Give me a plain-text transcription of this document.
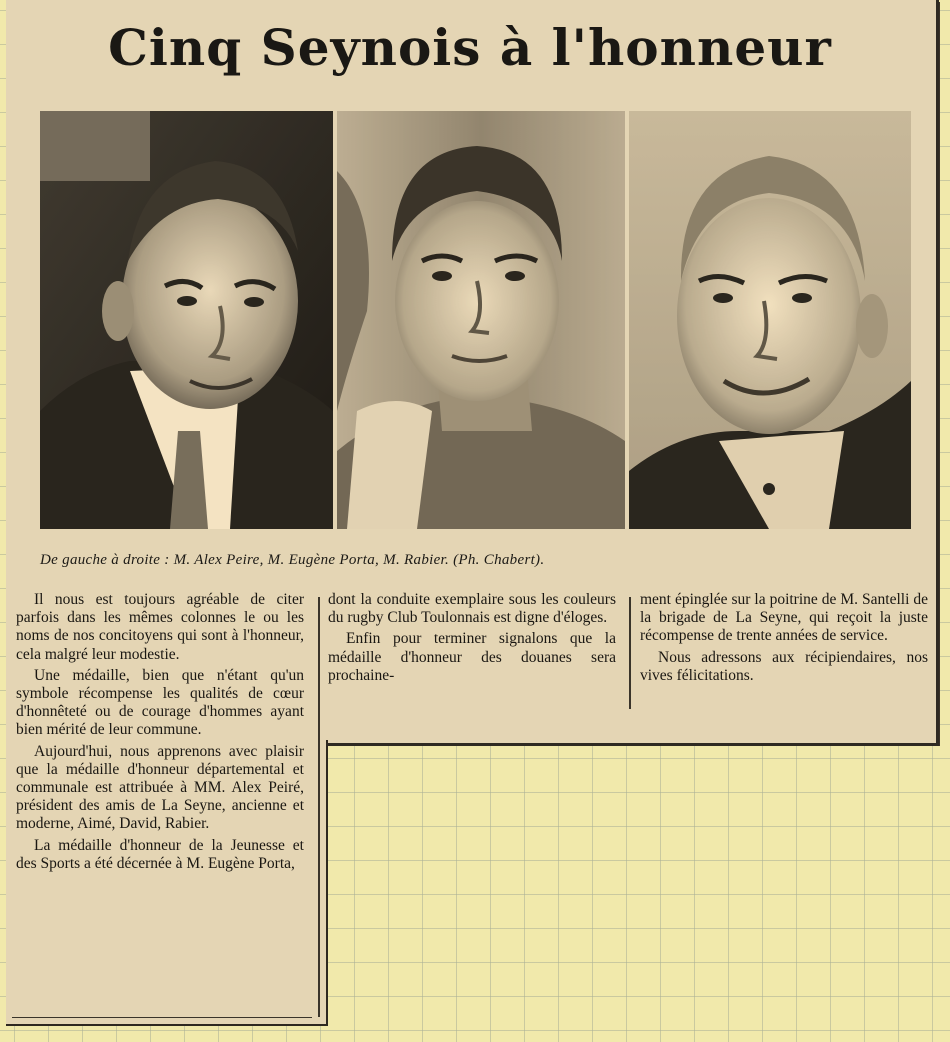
Cinq Seynois à l'honneur
De gauche à droite : M. Alex Peire, M. Eugène Porta, M. Rabier. (Ph. Chabert).

Il nous est toujours agréable de citer parfois dans les mêmes colonnes le ou les noms de nos concitoyens qui sont à l'honneur, cela malgré leur modestie.

Une médaille, bien que n'étant qu'un symbole récompense les qualités de cœur d'honnêteté ou de courage d'hommes ayant bien mérité de leur commune.

Aujourd'hui, nous apprenons avec plaisir que la médaille d'honneur départemental et communale est attribuée à MM. Alex Peiré, président des amis de La Seyne, ancienne et moderne, Aimé, David, Rabier.

La médaille d'honneur de la Jeunesse et des Sports a été décernée à M. Eugène Porta,

dont la conduite exemplaire sous les couleurs du rugby Club Toulonnais est digne d'éloges.

Enfin pour terminer signalons que la médaille d'honneur des douanes sera prochaine-

ment épinglée sur la poitrine de M. Santelli de la brigade de La Seyne, qui reçoit la juste récompense de trente années de service.

Nous adressons aux récipiendaires, nos vives félicitations.
